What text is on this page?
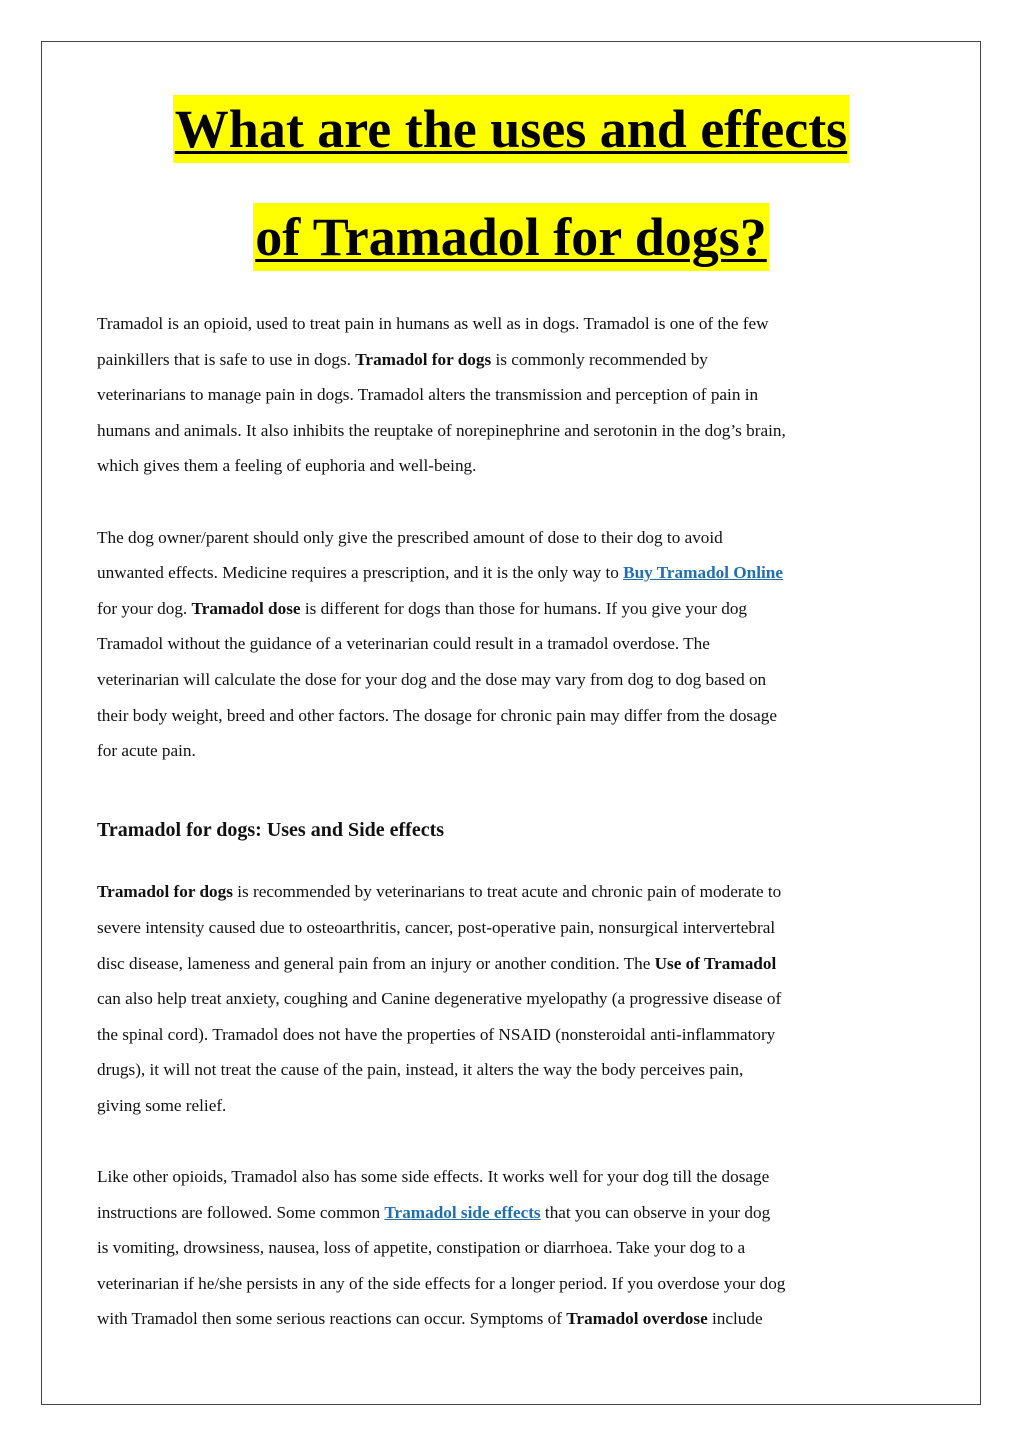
What are the uses and effects
of Tramadol for dogs?

Tramadol is an opioid, used to treat pain in humans as well as in dogs. Tramadol is one of the few

painkillers that is safe to use in dogs. Tramadol for dogs is commonly recommended by

veterinarians to manage pain in dogs. Tramadol alters the transmission and perception of pain in

humans and animals. It also inhibits the reuptake of norepinephrine and serotonin in the dog’s brain,

which gives them a feeling of euphoria and well-being.

The dog owner/parent should only give the prescribed amount of dose to their dog to avoid

unwanted effects. Medicine requires a prescription, and it is the only way to Buy Tramadol Online

for your dog. Tramadol dose is different for dogs than those for humans. If you give your dog

Tramadol without the guidance of a veterinarian could result in a tramadol overdose. The

veterinarian will calculate the dose for your dog and the dose may vary from dog to dog based on

their body weight, breed and other factors. The dosage for chronic pain may differ from the dosage

for acute pain.

Tramadol for dogs: Uses and Side effects

Tramadol for dogs is recommended by veterinarians to treat acute and chronic pain of moderate to

severe intensity caused due to osteoarthritis, cancer, post-operative pain, nonsurgical intervertebral

disc disease, lameness and general pain from an injury or another condition. The Use of Tramadol

can also help treat anxiety, coughing and Canine degenerative myelopathy (a progressive disease of

the spinal cord). Tramadol does not have the properties of NSAID (nonsteroidal anti-inflammatory

drugs), it will not treat the cause of the pain, instead, it alters the way the body perceives pain,

giving some relief.

Like other opioids, Tramadol also has some side effects. It works well for your dog till the dosage

instructions are followed. Some common Tramadol side effects that you can observe in your dog

is vomiting, drowsiness, nausea, loss of appetite, constipation or diarrhoea. Take your dog to a

veterinarian if he/she persists in any of the side effects for a longer period. If you overdose your dog

with Tramadol then some serious reactions can occur. Symptoms of Tramadol overdose include
